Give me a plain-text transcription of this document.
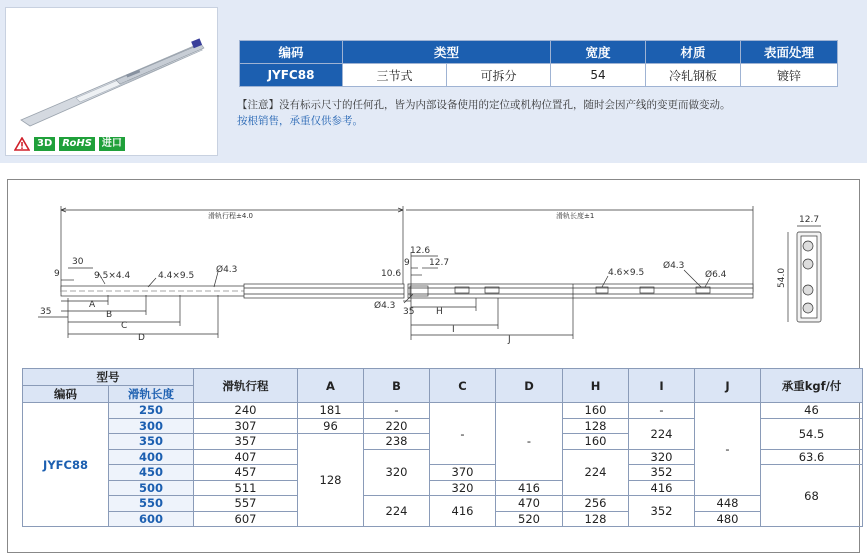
3D	RoHS	进口
编码	类型		宽度	材质	表面处理
JYFC88	三节式	可拆分	54	冷轧钢板	镀锌
【注意】没有标示尺寸的任何孔，皆为内部设备使用的定位或机构位置孔，随时会因产线的变更而做变动。
按根销售，承重仅供参考。
滑轨行程±4.0	滑轨长度±1
30
9	9.5×4.4	4.4×9.5
Ø4.3
35
A
B
C
D
12.6
9 12.7
10.6
Ø4.3
35 H
I
J
4.6×9.5
Ø4.3
Ø6.4
12.7
54.0
型号		滑轨行程	A	B	C	D	H	I	J	承重kgf/付
编码	滑轨长度									
JYFC88	250	240	181	-	-	-	160	-	-	46
	300	307	96	220			128	224		54.5
	350	357	128	238			160			
	400	407		320			224	320		63.6
	450	457			370			352		68
	500	511			320	416		416		
	550	557		224	416	470	256	352	448	
	600	607				520	128		480	
